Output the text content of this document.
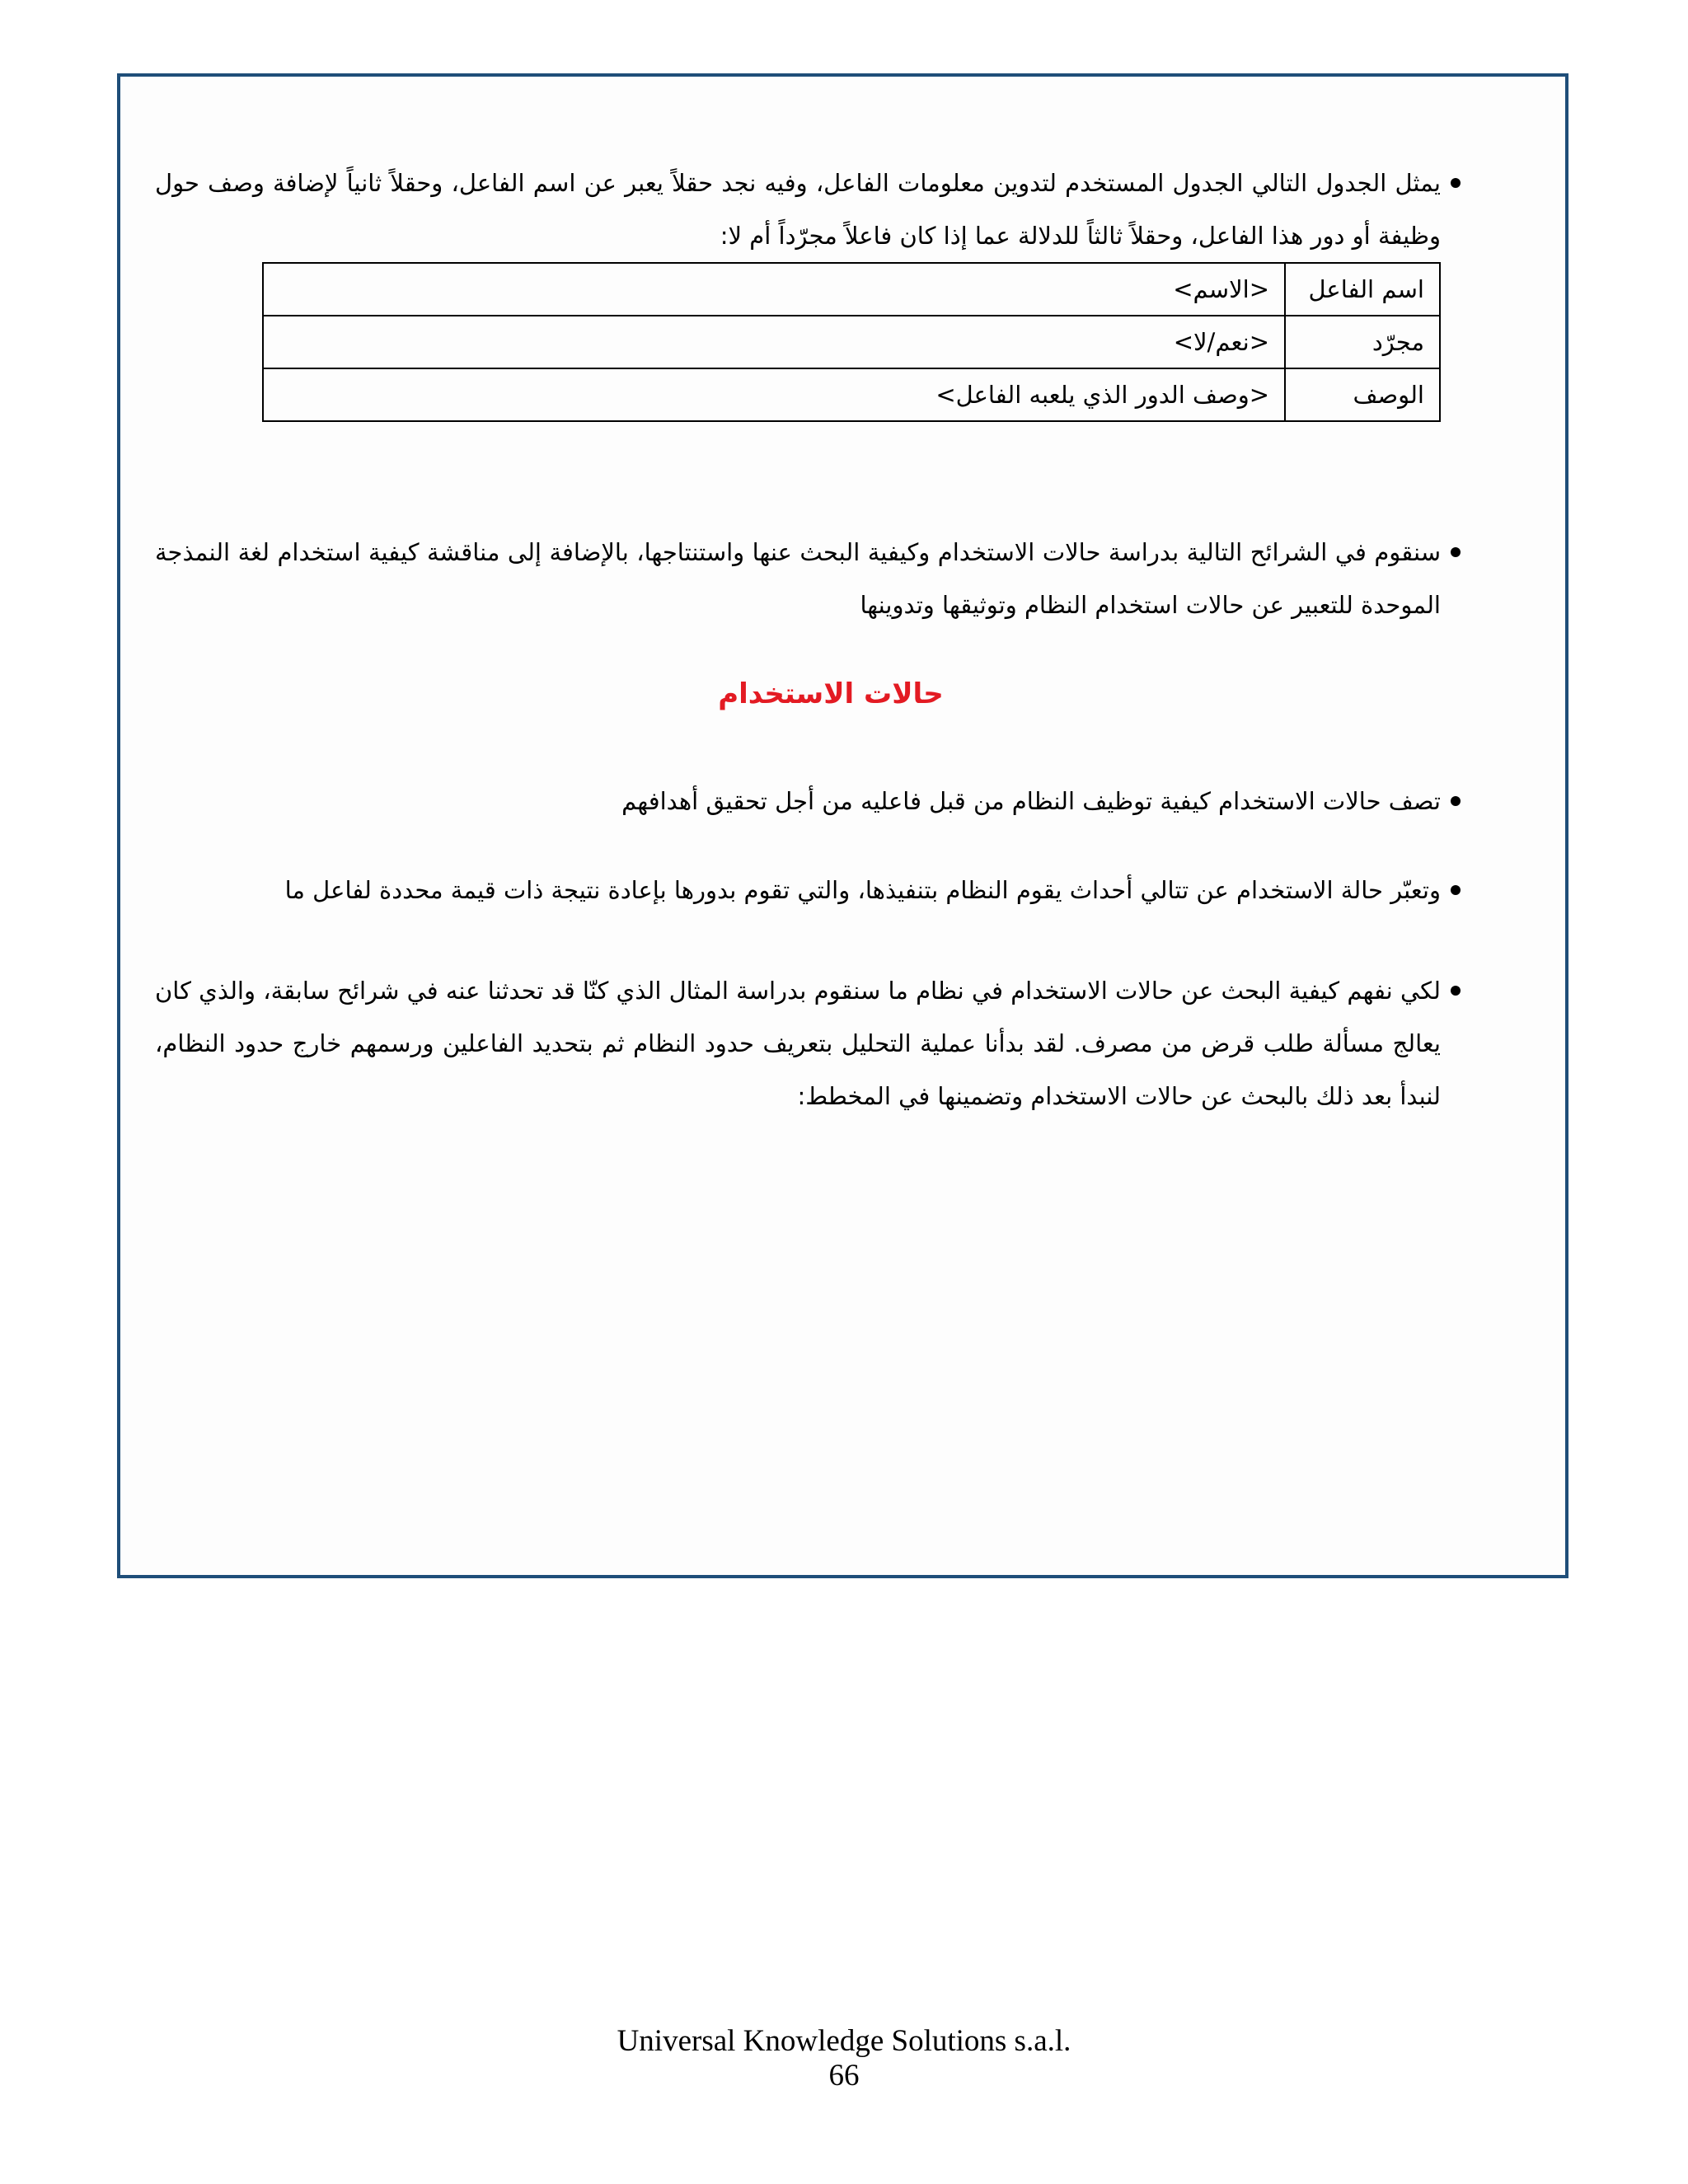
يمثل الجدول التالي الجدول المستخدم لتدوين معلومات الفاعل، وفيه نجد حقلاً يعبر عن اسم الفاعل، وحقلاً ثانياً لإضافة وصف حول وظيفة أو دور هذا الفاعل، وحقلاً ثالثاً للدلالة عما إذا كان فاعلاً مجرّداً أم لا:
اسم الفاعل	<الاسم>
مجرّد	<نعم/لا>
الوصف	<وصف الدور الذي يلعبه الفاعل>
سنقوم في الشرائح التالية بدراسة حالات الاستخدام وكيفية البحث عنها واستنتاجها، بالإضافة إلى مناقشة كيفية استخدام لغة النمذجة الموحدة للتعبير عن حالات استخدام النظام وتوثيقها وتدوينها
حالات الاستخدام
تصف حالات الاستخدام كيفية توظيف النظام من قبل فاعليه من أجل تحقيق أهدافهم
وتعبّر حالة الاستخدام عن تتالي أحداث يقوم النظام بتنفيذها، والتي تقوم بدورها بإعادة نتيجة ذات قيمة محددة لفاعل ما
لكي نفهم كيفية البحث عن حالات الاستخدام في نظام ما سنقوم بدراسة المثال الذي كنّا قد تحدثنا عنه في شرائح سابقة، والذي كان يعالج مسألة طلب قرض من مصرف. لقد بدأنا عملية التحليل بتعريف حدود النظام ثم بتحديد الفاعلين ورسمهم خارج حدود النظام، لنبدأ بعد ذلك بالبحث عن حالات الاستخدام وتضمينها في المخطط:
Universal Knowledge Solutions s.a.l.
66
